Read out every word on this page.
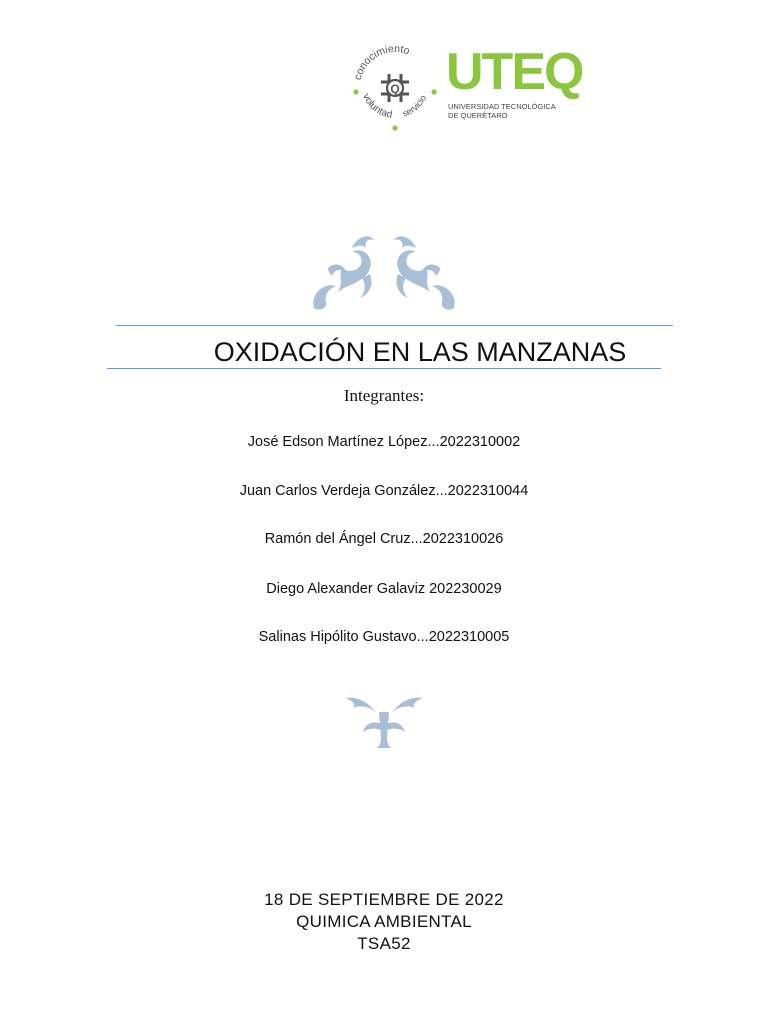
conocimiento
voluntad servicio
Q UTEQ
UNIVERSIDAD TECNOLÓGICA
DE QUERÉTARO
OXIDACIÓN EN LAS MANZANAS
Integrantes:
José Edson Martínez López...2022310002
Juan Carlos Verdeja González...2022310044
Ramón del Ángel Cruz...2022310026
Diego Alexander Galaviz 202230029
Salinas Hipólito Gustavo...2022310005
18 DE SEPTIEMBRE DE 2022
QUIMICA AMBIENTAL
TSA52
